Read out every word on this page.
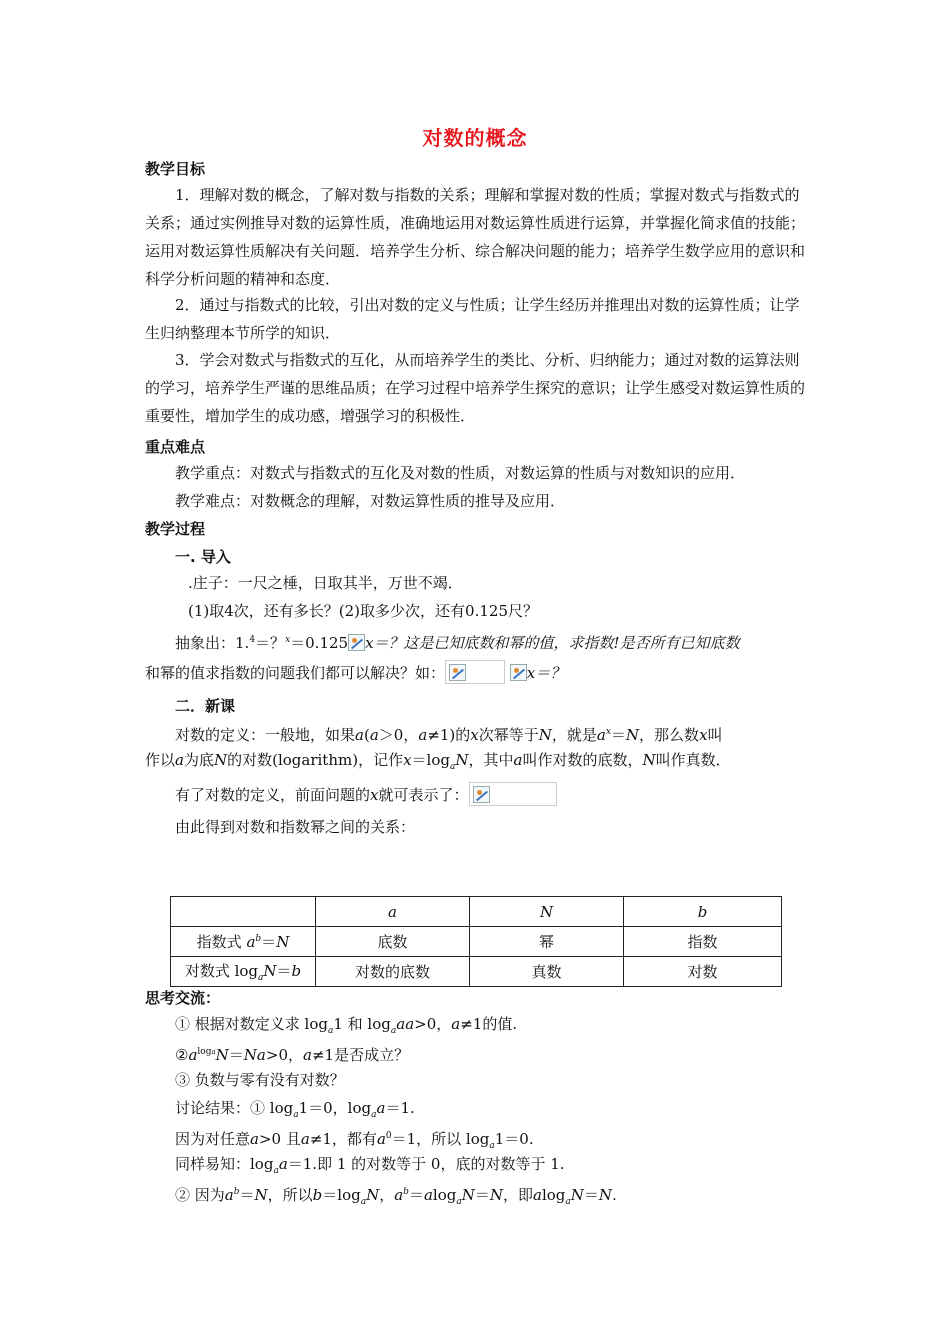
对数的概念
教学目标
1．理解对数的概念，了解对数与指数的关系；理解和掌握对数的性质；掌握对数式与指数式的关系；通过实例推导对数的运算性质，准确地运用对数运算性质进行运算，并掌握化简求值的技能；运用对数运算性质解决有关问题．培养学生分析、综合解决问题的能力；培养学生数学应用的意识和科学分析问题的精神和态度．
2．通过与指数式的比较，引出对数的定义与性质；让学生经历并推理出对数的运算性质；让学生归纳整理本节所学的知识．
3．学会对数式与指数式的互化，从而培养学生的类比、分析、归纳能力；通过对数的运算法则的学习，培养学生严谨的思维品质；在学习过程中培养学生探究的意识；让学生感受对数运算性质的重要性，增加学生的成功感，增强学习的积极性．
重点难点
教学重点：对数式与指数式的互化及对数的性质，对数运算的性质与对数知识的应用．
教学难点：对数概念的理解，对数运算性质的推导及应用．
教学过程
一. 导入
.庄子：一尺之棰，日取其半，万世不竭．
(1)取4次，还有多长？(2)取多少次，还有0.125尺？
抽象出：1.$^4$＝？$^x$＝0.125 x＝？这是已知底数和幂的值，求指数!是否所有已知底数
和幂的值求指数的问题我们都可以解决？如：	x＝？
二．新课
对数的定义：一般地，如果a(a＞0，a≠1)的x次幂等于N，就是$a^x=N$，那么数x叫
作以a为底N的对数(logarithm)，记作$x=\log_aN$，其中a叫作对数的底数，N叫作真数．
有了对数的定义，前面问题的x就可表示了：
由此得到对数和指数幂之间的关系：
	a	N	b
指数式 $a^b=N$	底数	幂	指数
对数式 $\log_aN=b$	对数的底数	真数	对数
思考交流：
① 根据对数定义求 $\log_a1$ 和 $\log_aaa>0$，a≠1的值.
$②a^{loga}N=Na>0$，a≠1是否成立？
③ 负数与零有没有对数？
讨论结果：① $\log_a1=0$，$\log_aa=1$.
因为对任意a>0 且a≠1，都有$a^0=1$，所以 $\log_a1=0$.
同样易知：$\log_aa=1$.即 1 的对数等于 0，底的对数等于 1.
② 因为$a^b=N$，所以$b=\log_aN$，$a^b=alog_aN=N$，即alog$_a$N＝N.
